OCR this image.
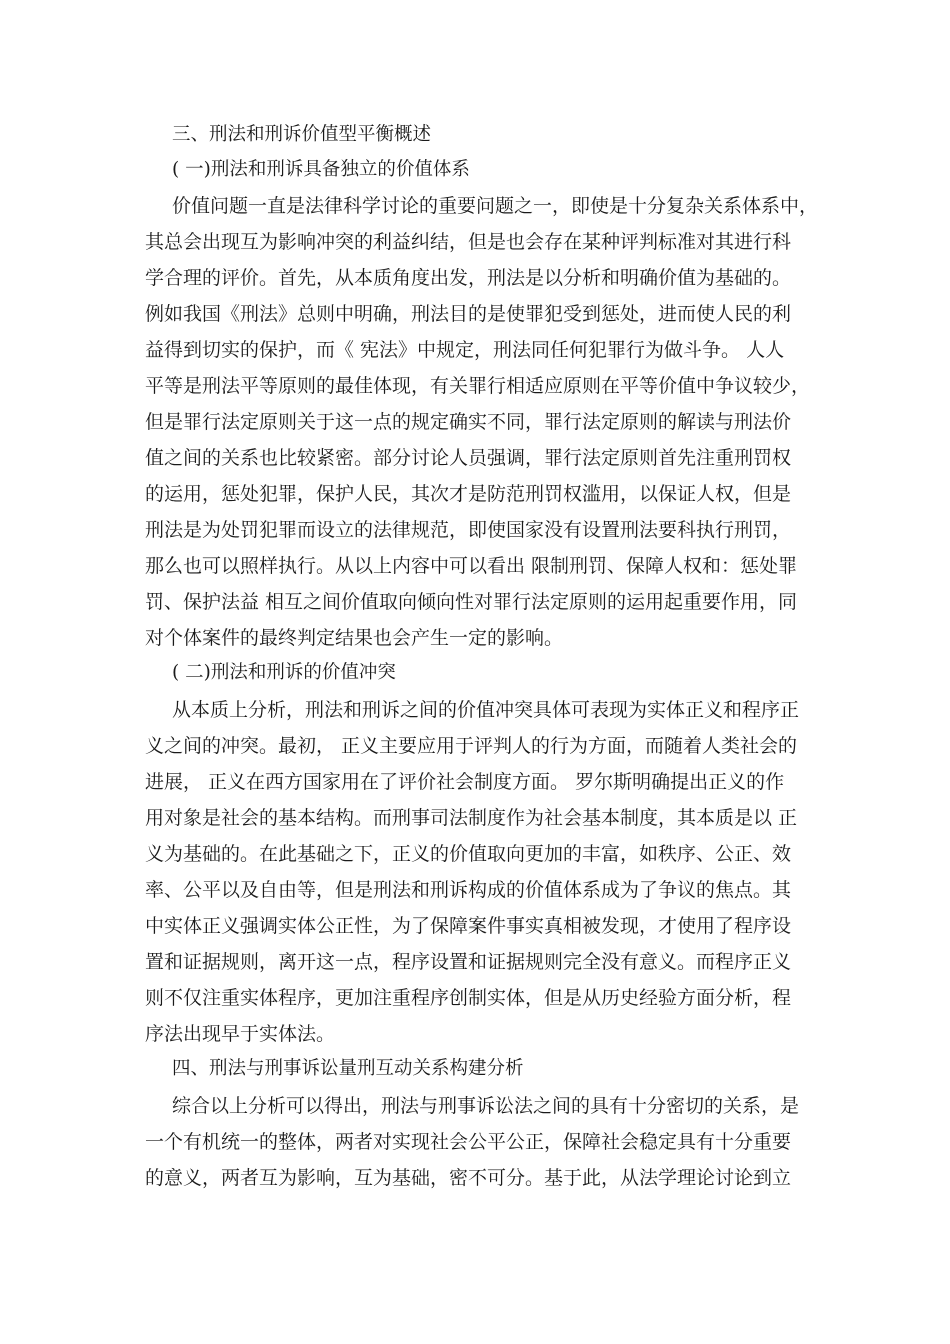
三、刑法和刑诉价值型平衡概述
( 一)刑法和刑诉具备独立的价值体系
价值问题一直是法律科学讨论的重要问题之一，即使是十分复杂关系体系中，
其总会出现互为影响冲突的利益纠结，但是也会存在某种评判标准对其进行科
学合理的评价。首先，从本质角度出发，刑法是以分析和明确价值为基础的。
例如我国《刑法》总则中明确，刑法目的是使罪犯受到惩处，进而使人民的利
益得到切实的保护，而《 宪法》中规定，刑法同任何犯罪行为做斗争。 人人
平等是刑法平等原则的最佳体现，有关罪行相适应原则在平等价值中争议较少，
但是罪行法定原则关于这一点的规定确实不同，罪行法定原则的解读与刑法价
值之间的关系也比较紧密。部分讨论人员强调，罪行法定原则首先注重刑罚权
的运用，惩处犯罪，保护人民，其次才是防范刑罚权滥用，以保证人权，但是
刑法是为处罚犯罪而设立的法律规范，即使国家没有设置刑法要科执行刑罚，
那么也可以照样执行。从以上内容中可以看出 限制刑罚、保障人权和：惩处罪
罚、保护法益 相互之间价值取向倾向性对罪行法定原则的运用起重要作用，同
对个体案件的最终判定结果也会产生一定的影响。
( 二)刑法和刑诉的价值冲突
从本质上分析，刑法和刑诉之间的价值冲突具体可表现为实体正义和程序正
义之间的冲突。最初， 正义主要应用于评判人的行为方面，而随着人类社会的
进展， 正义在西方国家用在了评价社会制度方面。 罗尔斯明确提出正义的作
用对象是社会的基本结构。而刑事司法制度作为社会基本制度，其本质是以 正
义为基础的。在此基础之下，正义的价值取向更加的丰富，如秩序、公正、效
率、公平以及自由等，但是刑法和刑诉构成的价值体系成为了争议的焦点。其
中实体正义强调实体公正性，为了保障案件事实真相被发现，才使用了程序设
置和证据规则，离开这一点，程序设置和证据规则完全没有意义。而程序正义
则不仅注重实体程序，更加注重程序创制实体，但是从历史经验方面分析，程
序法出现早于实体法。
四、刑法与刑事诉讼量刑互动关系构建分析
综合以上分析可以得出，刑法与刑事诉讼法之间的具有十分密切的关系，是
一个有机统一的整体，两者对实现社会公平公正，保障社会稳定具有十分重要
的意义，两者互为影响，互为基础，密不可分。基于此，从法学理论讨论到立
